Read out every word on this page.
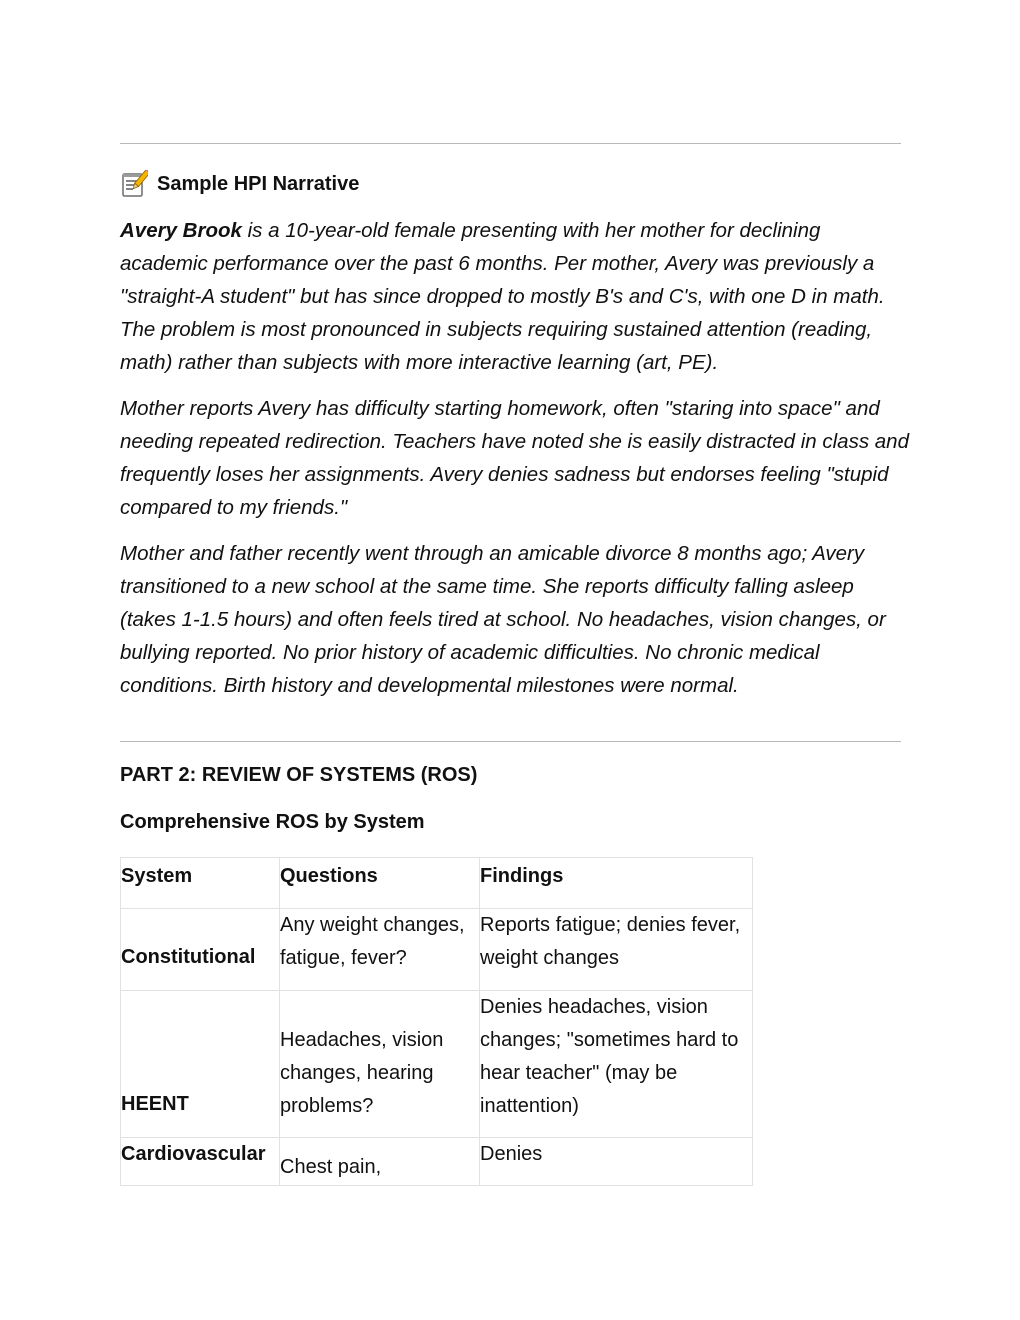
Sample HPI Narrative

Avery Brook is a 10-year-old female presenting with her mother for declining academic performance over the past 6 months. Per mother, Avery was previously a "straight-A student" but has since dropped to mostly B's and C's, with one D in math. The problem is most pronounced in subjects requiring sustained attention (reading, math) rather than subjects with more interactive learning (art, PE).

Mother reports Avery has difficulty starting homework, often "staring into space" and needing repeated redirection. Teachers have noted she is easily distracted in class and frequently loses her assignments. Avery denies sadness but endorses feeling "stupid compared to my friends."

Mother and father recently went through an amicable divorce 8 months ago; Avery transitioned to a new school at the same time. She reports difficulty falling asleep (takes 1-1.5 hours) and often feels tired at school. No headaches, vision changes, or bullying reported. No prior history of academic difficulties. No chronic medical conditions. Birth history and developmental milestones were normal.

PART 2: REVIEW OF SYSTEMS (ROS)
Comprehensive ROS by System
System	Questions	Findings
Constitutional	Any weight changes, fatigue, fever?	Reports fatigue; denies fever, weight changes
HEENT	Headaches, vision changes, hearing problems?	Denies headaches, vision changes; "sometimes hard to hear teacher" (may be inattention)
Cardiovascular	Chest pain,	Denies
